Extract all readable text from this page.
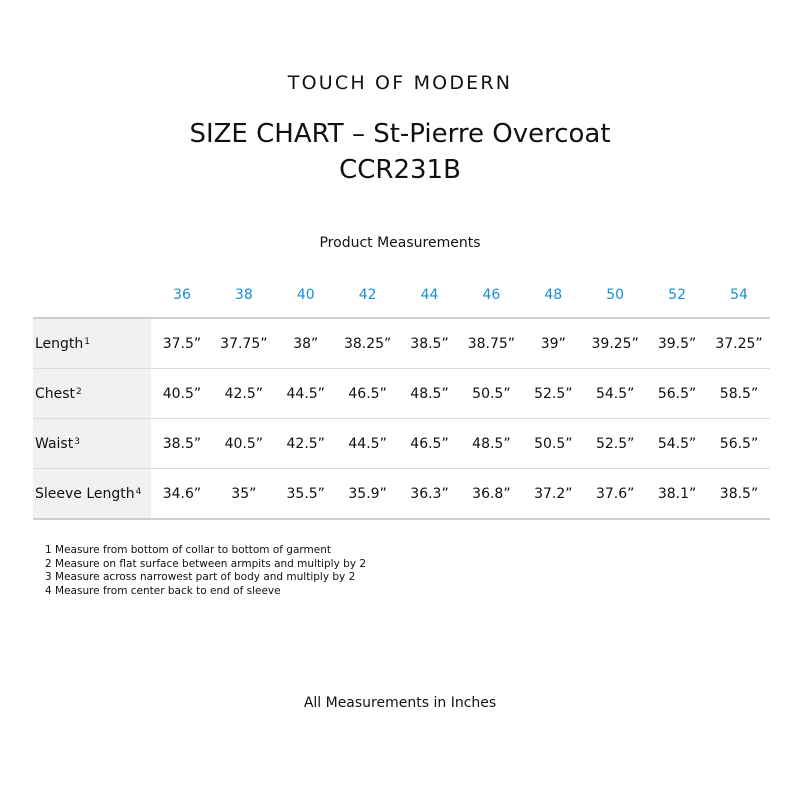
TOUCH OF MODERN
SIZE CHART – St-Pierre Overcoat
CCR231B
Product Measurements
	36	38	40	42	44	46	48	50	52	54
Length$^1$	37.5”	37.75”	38”	38.25”	38.5”	38.75”	39”	39.25”	39.5”	37.25”
Chest$^2$	40.5”	42.5”	44.5”	46.5”	48.5”	50.5”	52.5”	54.5”	56.5”	58.5”
Waist$^3$	38.5”	40.5”	42.5”	44.5”	46.5”	48.5”	50.5”	52.5”	54.5”	56.5”
Sleeve Length$^4$	34.6”	35”	35.5”	35.9”	36.3”	36.8”	37.2”	37.6”	38.1”	38.5”
1 Measure from bottom of collar to bottom of garment
2 Measure on flat surface between armpits and multiply by 2
3 Measure across narrowest part of body and multiply by 2
4 Measure from center back to end of sleeve
All Measurements in Inches
